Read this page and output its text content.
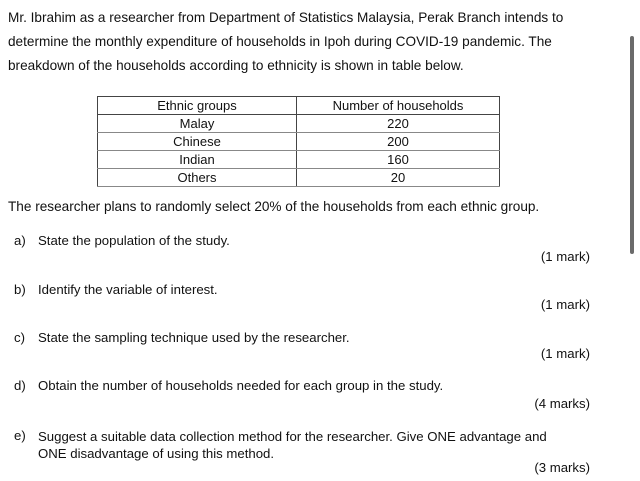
Mr. Ibrahim as a researcher from Department of Statistics Malaysia, Perak Branch intends to
determine the monthly expenditure of households in Ipoh during COVID-19 pandemic. The
breakdown of the households according to ethnicity is shown in table below.
Ethnic groups	Number of households
Malay	220
Chinese	200
Indian	160
Others	20
The researcher plans to randomly select 20% of the households from each ethnic group.
a) State the population of the study.
(1 mark)
b) Identify the variable of interest.
(1 mark)
c) State the sampling technique used by the researcher.
(1 mark)
d) Obtain the number of households needed for each group in the study.
(4 marks)
e) Suggest a suitable data collection method for the researcher. Give ONE advantage and
ONE disadvantage of using this method.
(3 marks)
